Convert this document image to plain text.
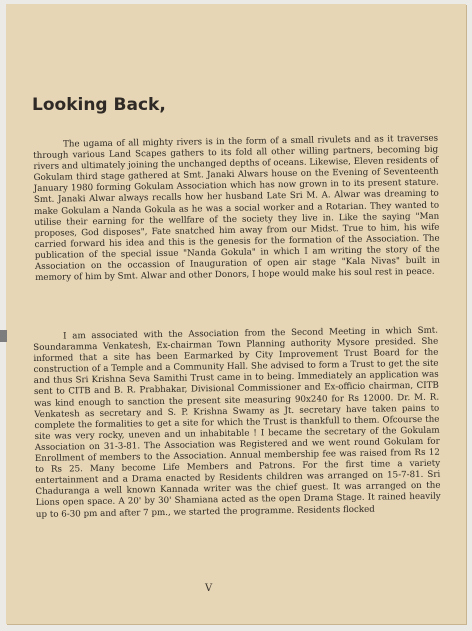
Looking Back,

The ugama of all mighty rivers is in the form of a small rivulets and as it traverses through various Land Scapes gathers to its fold all other willing partners, becoming big rivers and ultimately joining the unchanged depths of oceans. Likewise, Eleven residents of Gokulam third stage gathered at Smt. Janaki Alwars house on the Evening of Seventeenth January 1980 forming Gokulam Association which has now grown in to its present stature. Smt. Janaki Alwar always recalls how her husband Late Sri M. A. Alwar was dreaming to make Gokulam a Nanda Gokula as he was a social worker and a Rotarian. They wanted to utilise their earning for the wellfare of the society they live in. Like the saying "Man proposes, God disposes", Fate snatched him away from our Midst. True to him, his wife carried forward his idea and this is the genesis for the formation of the Association. The publication of the special issue "Nanda Gokula" in which I am writing the story of the Association on the occassion of Inauguration of open air stage "Kala Nivas" built in memory of him by Smt. Alwar and other Donors, I hope would make his soul rest in peace.

I am associated with the Association from the Second Meeting in which Smt. Soundaramma Venkatesh, Ex-chairman Town Planning authority Mysore presided. She informed that a site has been Earmarked by City Improvement Trust Board for the construction of a Temple and a Community Hall. She advised to form a Trust to get the site and thus Sri Krishna Seva Samithi Trust came in to being. Immediately an application was sent to CITB and B. R. Prabhakar, Divisional Commissioner and Ex-officio chairman, CITB was kind enough to sanction the present site measuring 90x240 for Rs 12000. Dr. M. R. Venkatesh as secretary and S. P. Krishna Swamy as Jt. secretary have taken pains to complete the formalities to get a site for which the Trust is thankfull to them. Ofcourse the site was very rocky, uneven and un inhabitable ! I became the secretary of the Gokulam Association on 31-3-81. The Association was Registered and we went round Gokulam for Enrollment of members to the Association. Annual membership fee was raised from Rs 12 to Rs 25. Many become Life Members and Patrons. For the first time a variety entertainment and a Drama enacted by Residents children was arranged on 15-7-81. Sri Chaduranga a well known Kannada writer was the chief guest. It was arranged on the Lions open space. A 20' by 30' Shamiana acted as the open Drama Stage. It rained heavily up to 6-30 pm and after 7 pm., we started the programme. Residents flocked

V
